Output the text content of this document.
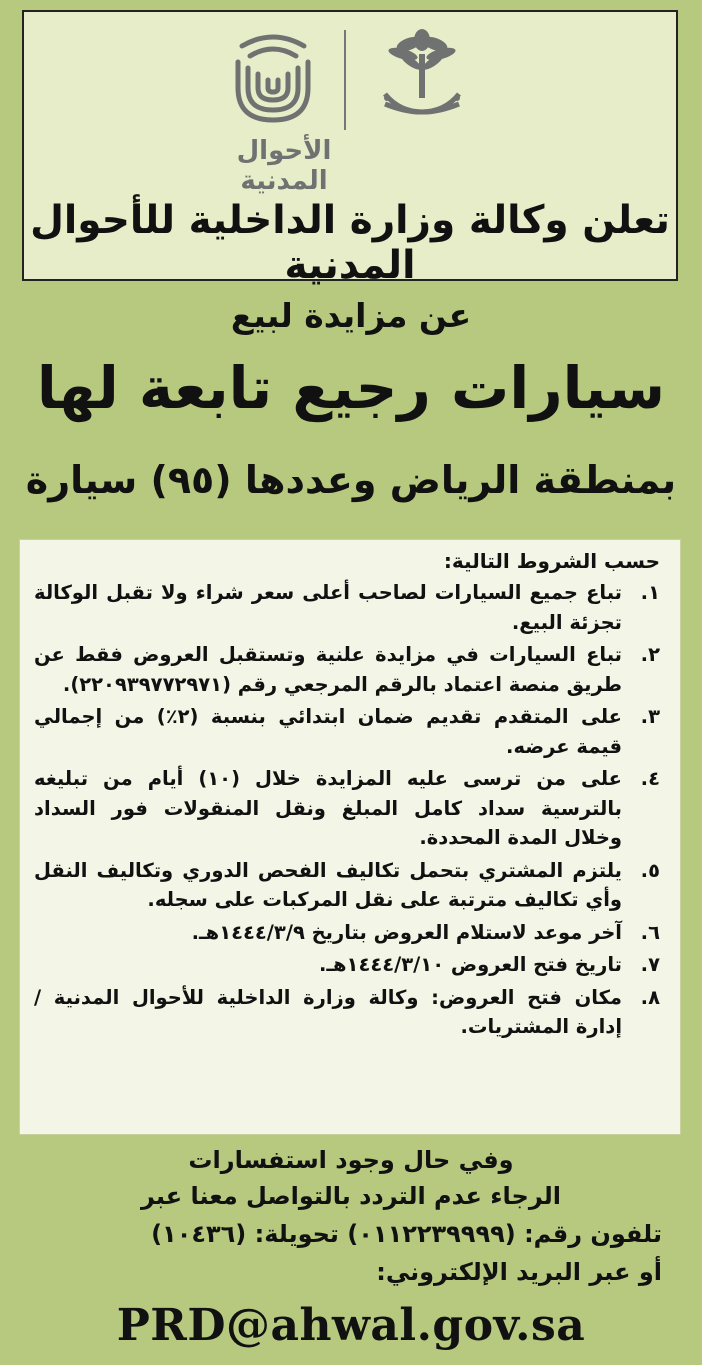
الأحوال المدنية
تعلن وكالة وزارة الداخلية للأحوال المدنية
عن مزايدة لبيع
سيارات رجيع تابعة لها
بمنطقة الرياض وعددها (٩٥) سيارة
حسب الشروط التالية:
١.
تباع جميع السيارات لصاحب أعلى سعر شراء ولا تقبل الوكالة تجزئة البيع.
٢.
تباع السيارات في مزايدة علنية وتستقبل العروض فقط عن طريق منصة اعتماد بالرقم المرجعي رقم (٢٢٠٩٣٩٧٧٢٩٧١).
٣.
على المتقدم تقديم ضمان ابتدائي بنسبة (٢٪) من إجمالي قيمة عرضه.
٤.
على من ترسى عليه المزايدة خلال (١٠) أيام من تبليغه بالترسية سداد كامل المبلغ ونقل المنقولات فور السداد وخلال المدة المحددة.
٥.
يلتزم المشتري بتحمل تكاليف الفحص الدوري وتكاليف النقل وأي تكاليف مترتبة على نقل المركبات على سجله.
٦.
آخر موعد لاستلام العروض بتاريخ ١٤٤٤/٣/٩هـ.
٧.
تاريخ فتح العروض ١٤٤٤/٣/١٠هـ.
٨.
مكان فتح العروض: وكالة وزارة الداخلية للأحوال المدنية / إدارة المشتريات.
وفي حال وجود استفسارات
الرجاء عدم التردد بالتواصل معنا عبر
تلفون رقم: (٠١١٢٢٣٩٩٩٩) تحويلة: (١٠٤٣٦)
أو عبر البريد الإلكتروني:
PRD@ahwal.gov.sa
